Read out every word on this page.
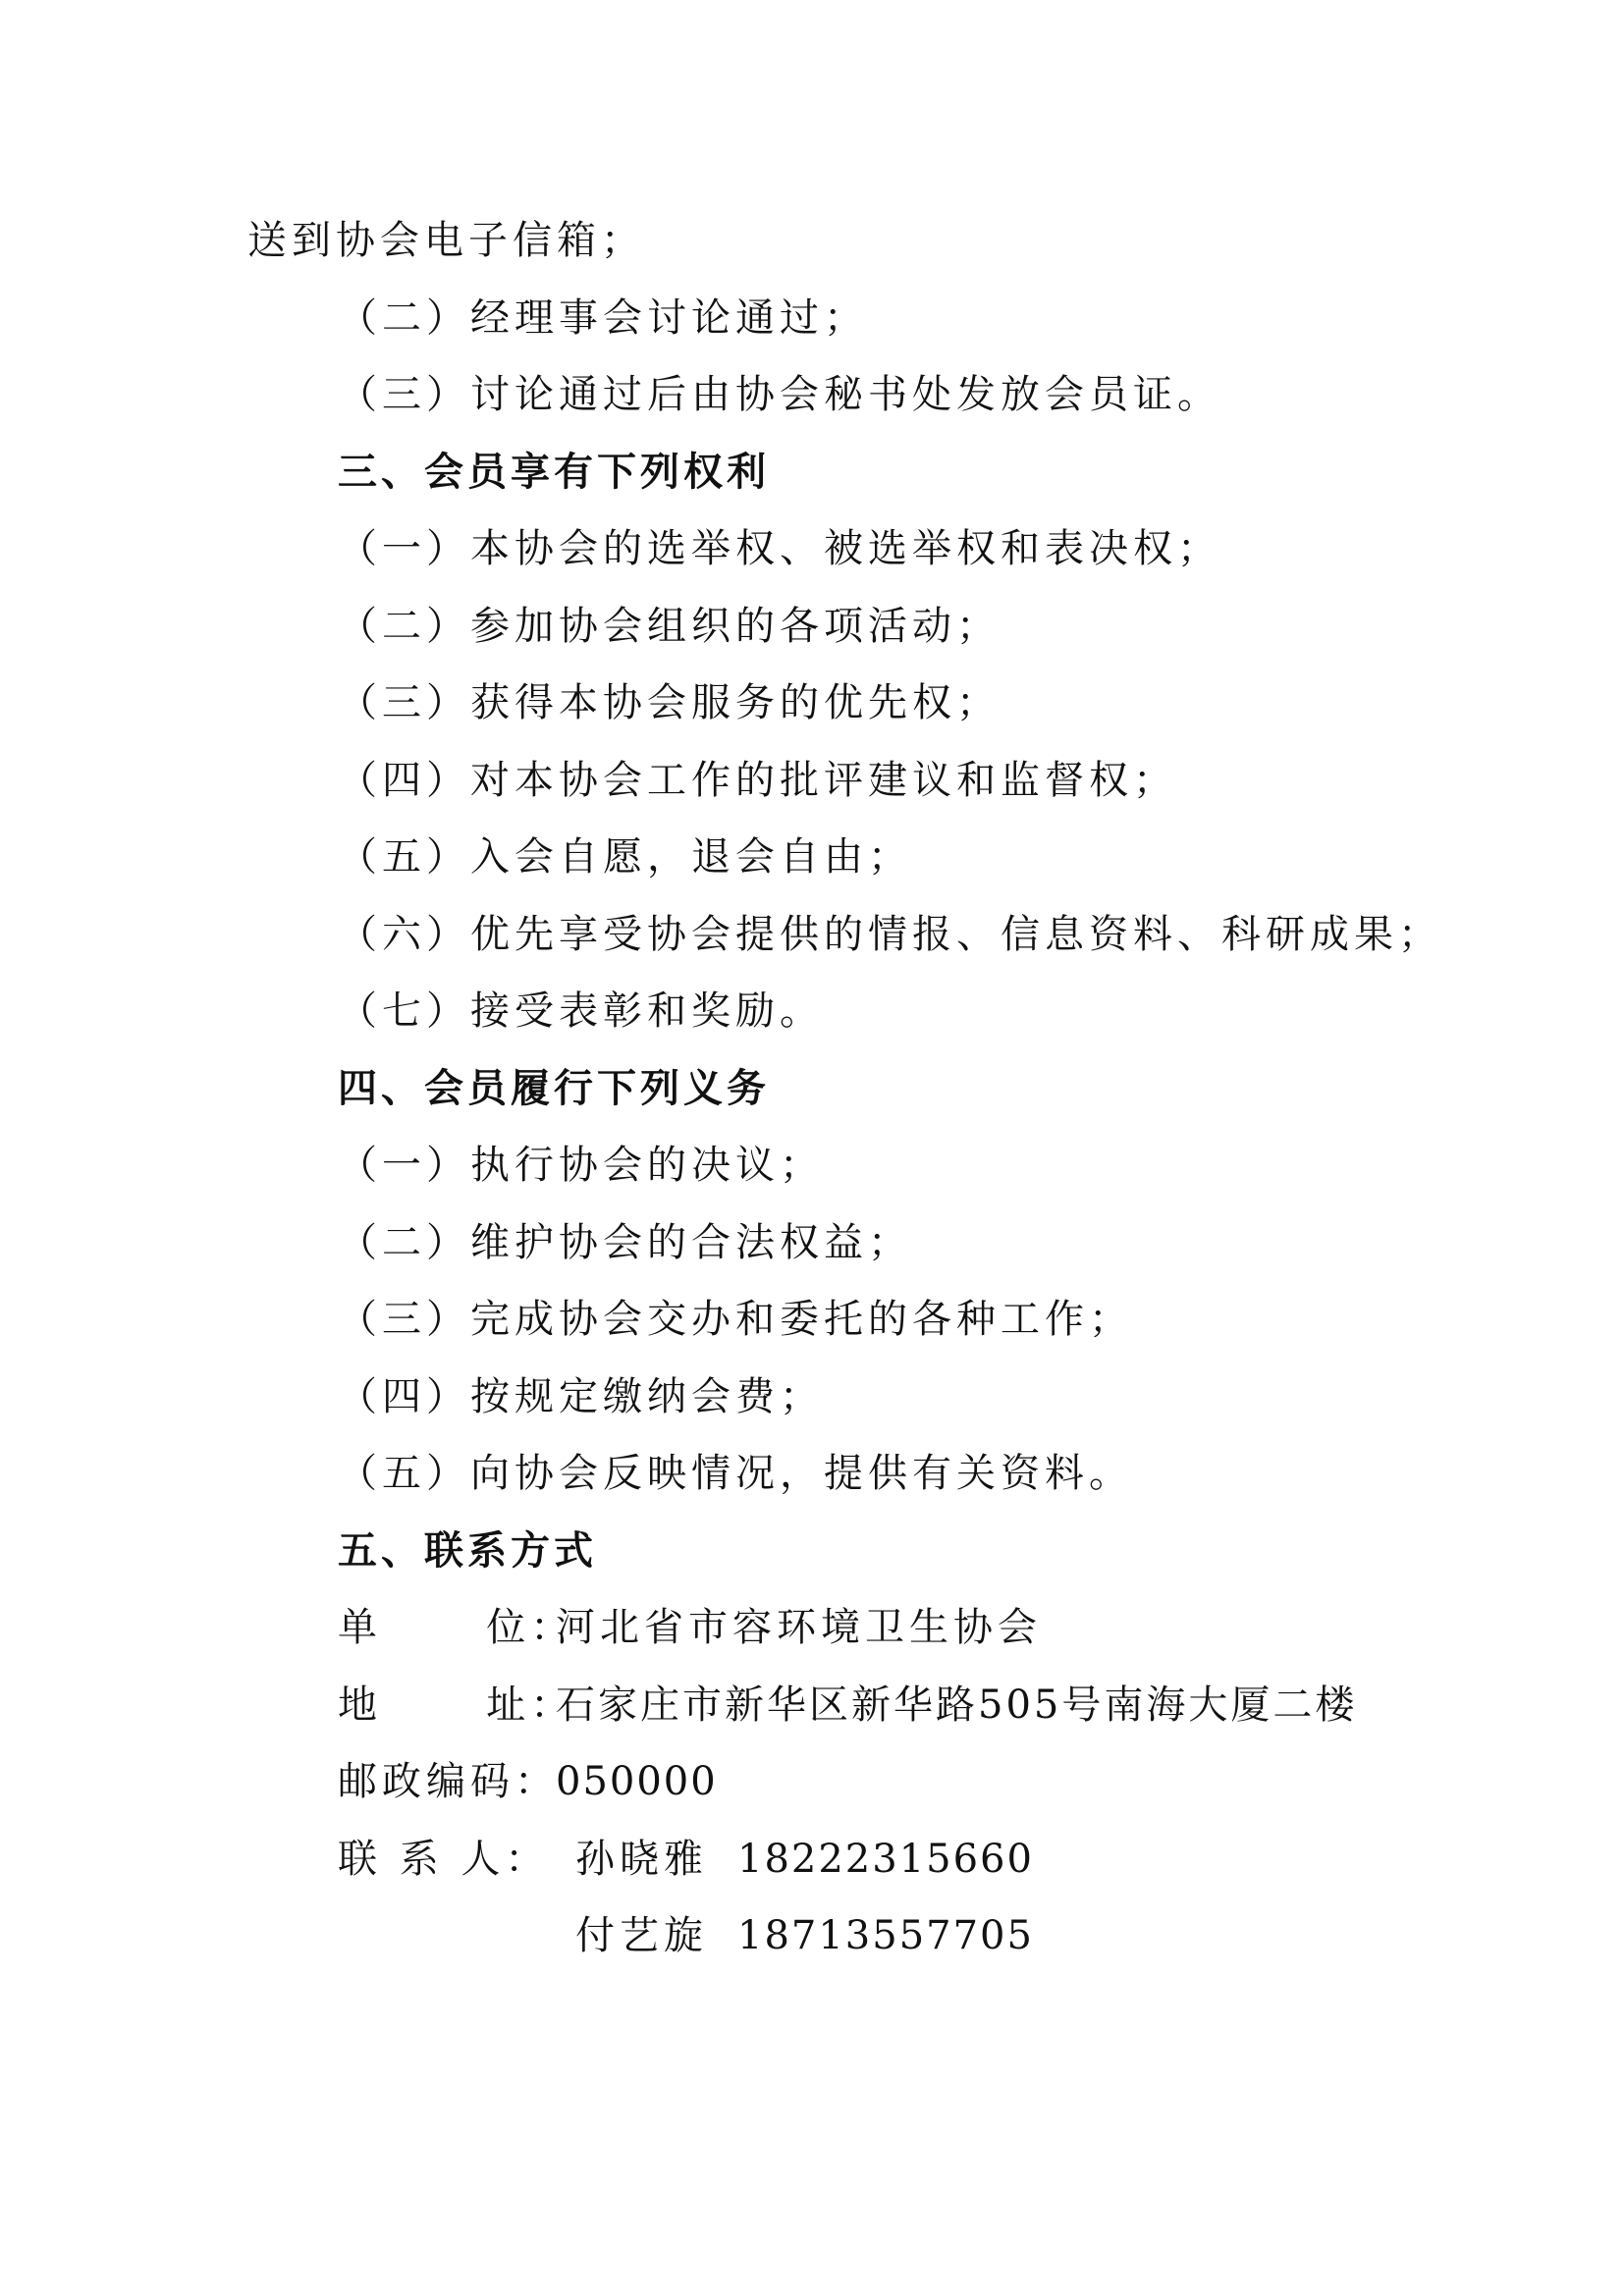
送到协会电子信箱；
（二）经理事会讨论通过；
（三）讨论通过后由协会秘书处发放会员证。
三、会员享有下列权利
（一）本协会的选举权、被选举权和表决权；
（二）参加协会组织的各项活动；
（三）获得本协会服务的优先权；
（四）对本协会工作的批评建议和监督权；
（五）入会自愿，退会自由；
（六）优先享受协会提供的情报、信息资料、科研成果；
（七）接受表彰和奖励。
四、会员履行下列义务
（一）执行协会的决议；
（二）维护协会的合法权益；
（三）完成协会交办和委托的各种工作；
（四）按规定缴纳会费；
（五）向协会反映情况，提供有关资料。
五、联系方式
单      位：河北省市容环境卫生协会
地      址：石家庄市新华区新华路505号南海大厦二楼
邮政编码：050000
联 系 人： 孙晓雅 18222315660
付艺旋 18713557705
